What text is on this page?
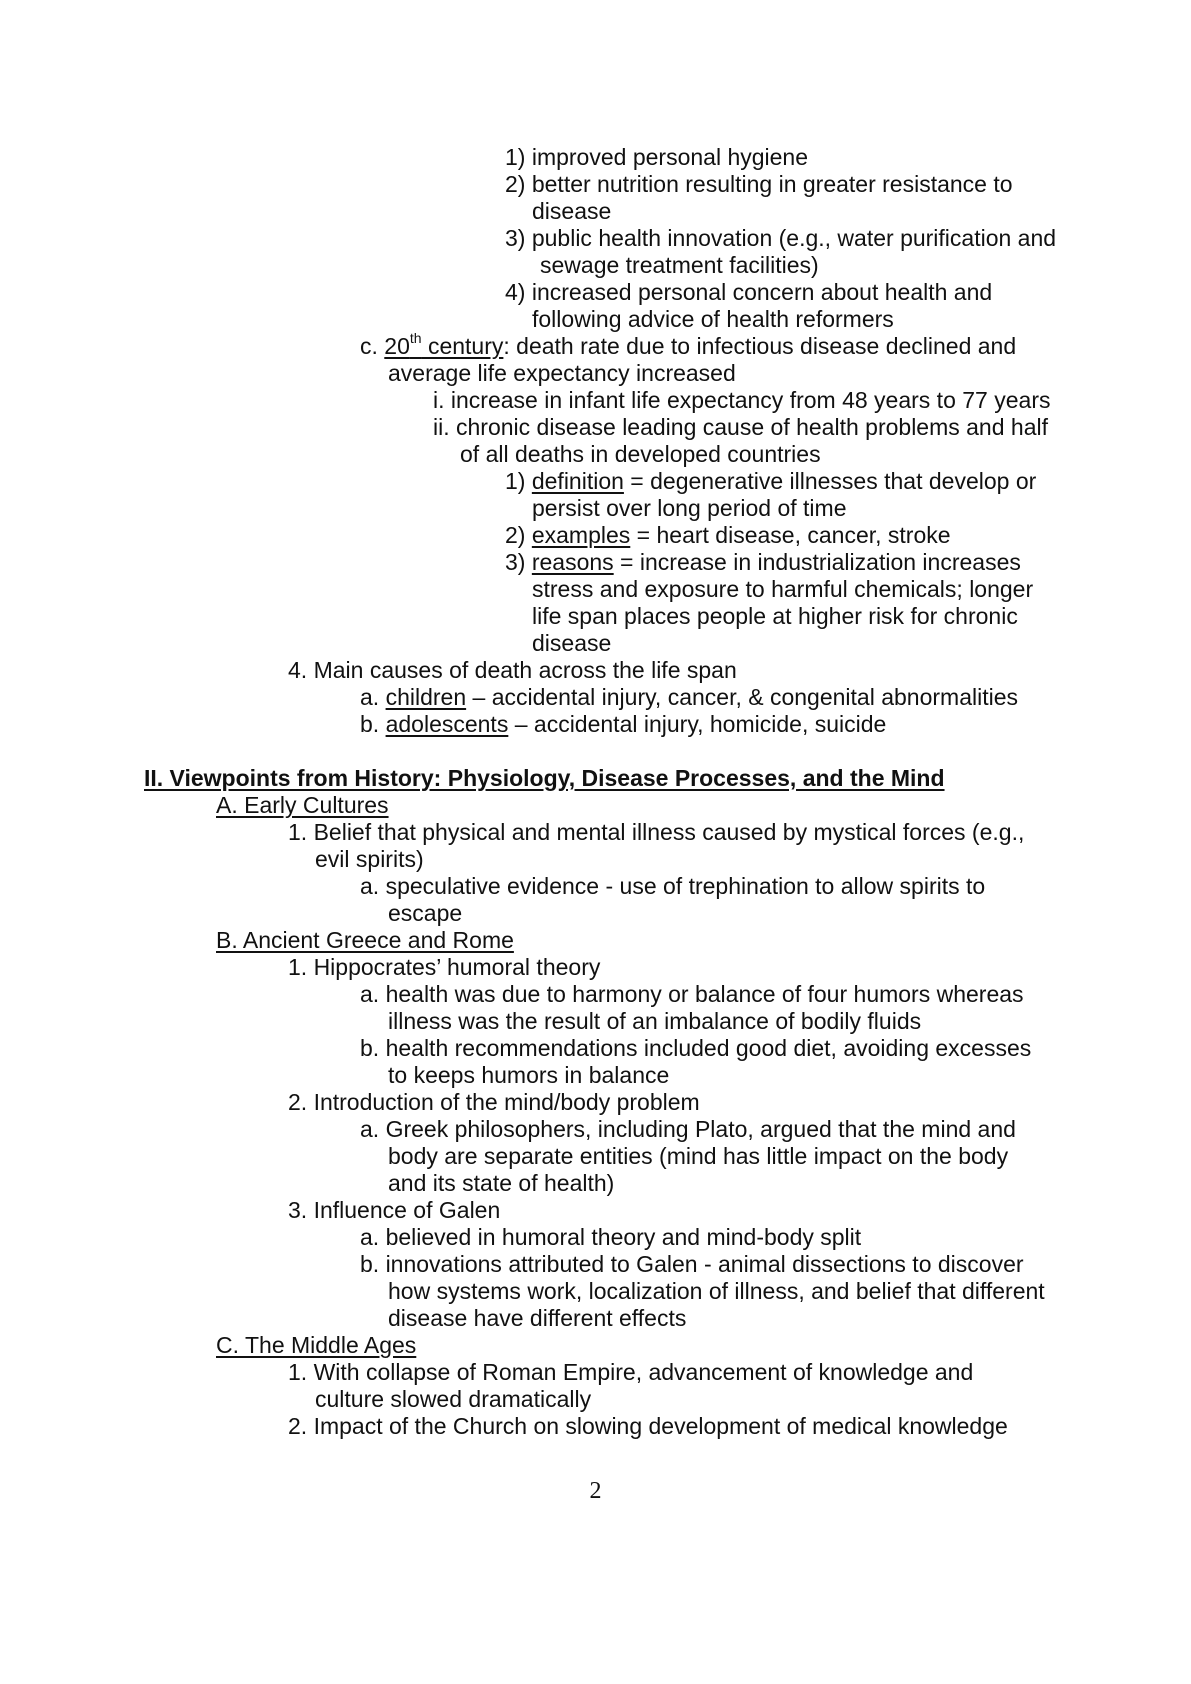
1) improved personal hygiene
2) better nutrition resulting in greater resistance to
disease
3) public health innovation (e.g., water purification and
sewage treatment facilities)
4) increased personal concern about health and
following advice of health reformers
c. 20th century: death rate due to infectious disease declined and
average life expectancy increased
i. increase in infant life expectancy from 48 years to 77 years
ii. chronic disease leading cause of health problems and half
of all deaths in developed countries
1) definition = degenerative illnesses that develop or
persist over long period of time
2) examples = heart disease, cancer, stroke
3) reasons = increase in industrialization increases
stress and exposure to harmful chemicals; longer
life span places people at higher risk for chronic
disease
4. Main causes of death across the life span
a. children – accidental injury, cancer, & congenital abnormalities
b. adolescents – accidental injury, homicide, suicide
II. Viewpoints from History: Physiology, Disease Processes, and the Mind
A. Early Cultures
1. Belief that physical and mental illness caused by mystical forces (e.g.,
evil spirits)
a. speculative evidence - use of trephination to allow spirits to
escape
B. Ancient Greece and Rome
1. Hippocrates’ humoral theory
a. health was due to harmony or balance of four humors whereas
illness was the result of an imbalance of bodily fluids
b. health recommendations included good diet, avoiding excesses
to keeps humors in balance
2. Introduction of the mind/body problem
a. Greek philosophers, including Plato, argued that the mind and
body are separate entities (mind has little impact on the body
and its state of health)
3. Influence of Galen
a. believed in humoral theory and mind-body split
b. innovations attributed to Galen - animal dissections to discover
how systems work, localization of illness, and belief that different
disease have different effects
C. The Middle Ages
1. With collapse of Roman Empire, advancement of knowledge and
culture slowed dramatically
2. Impact of the Church on slowing development of medical knowledge
2
